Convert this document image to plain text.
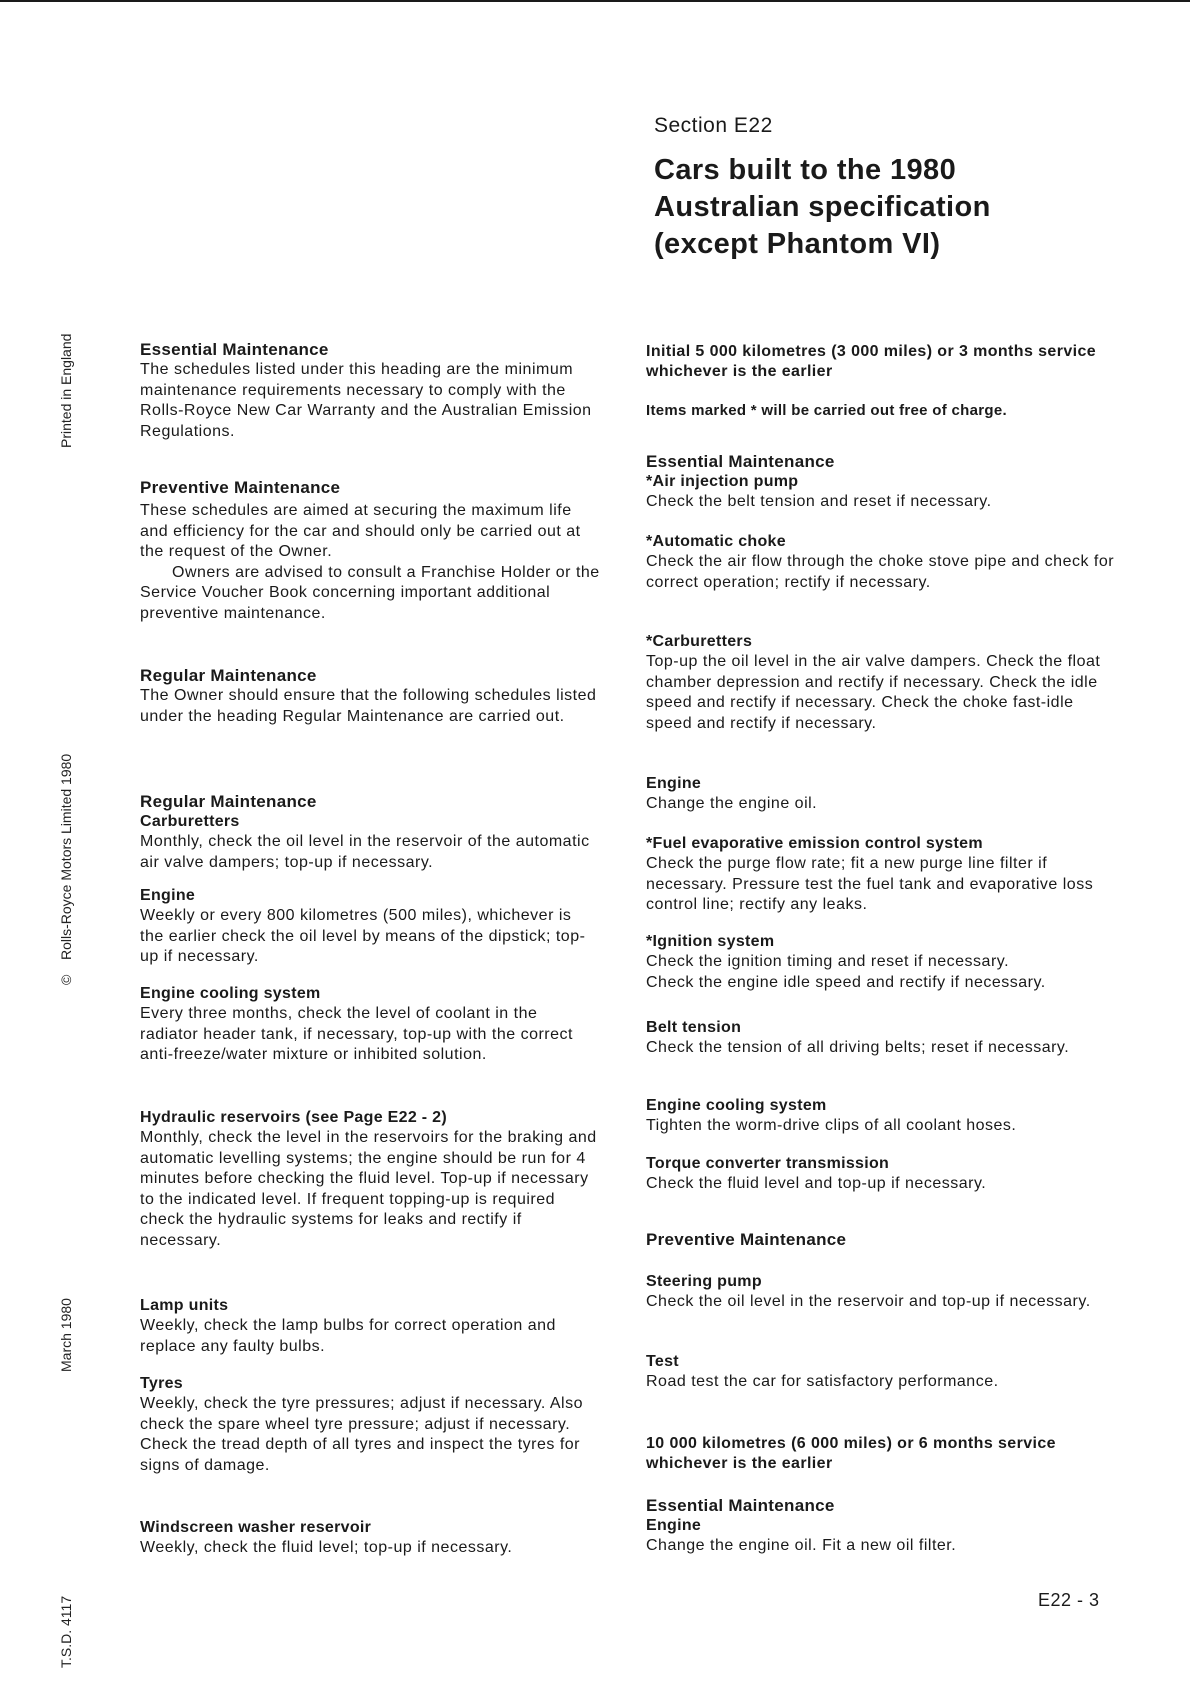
Printed in England
©
Rolls-Royce Motors Limited 1980
March 1980
T.S.D. 4117
Section E22
Cars built to the 1980
Australian specification
(except Phantom VI)
Essential Maintenance
The schedules listed under this heading are the minimum maintenance requirements necessary to comply with the Rolls-Royce New Car Warranty and the Australian Emission Regulations.
Preventive Maintenance
These schedules are aimed at securing the maximum life and efficiency for the car and should only be carried out at the request of the Owner.
Owners are advised to consult a Franchise Holder or the Service Voucher Book concerning important additional preventive maintenance.
Regular Maintenance
The Owner should ensure that the following schedules listed under the heading Regular Maintenance are carried out.
Regular Maintenance
Carburetters
Monthly, check the oil level in the reservoir of the automatic air valve dampers; top-up if necessary.
Engine
Weekly or every 800 kilometres (500 miles), whichever is the earlier check the oil level by means of the dipstick; top-up if necessary.
Engine cooling system
Every three months, check the level of coolant in the radiator header tank, if necessary, top-up with the correct anti-freeze/water mixture or inhibited solution.
Hydraulic reservoirs (see Page E22 - 2)
Monthly, check the level in the reservoirs for the braking and automatic levelling systems; the engine should be run for 4 minutes before checking the fluid level. Top-up if necessary to the indicated level. If frequent topping-up is required check the hydraulic systems for leaks and rectify if necessary.
Lamp units
Weekly, check the lamp bulbs for correct operation and replace any faulty bulbs.
Tyres
Weekly, check the tyre pressures; adjust if necessary. Also check the spare wheel tyre pressure; adjust if necessary. Check the tread depth of all tyres and inspect the tyres for signs of damage.
Windscreen washer reservoir
Weekly, check the fluid level; top-up if necessary.
Initial 5 000 kilometres (3 000 miles) or 3 months service whichever is the earlier
Items marked * will be carried out free of charge.
Essential Maintenance
*Air injection pump
Check the belt tension and reset if necessary.
*Automatic choke
Check the air flow through the choke stove pipe and check for correct operation; rectify if necessary.
*Carburetters
Top-up the oil level in the air valve dampers. Check the float chamber depression and rectify if necessary. Check the idle speed and rectify if necessary. Check the choke fast-idle speed and rectify if necessary.
Engine
Change the engine oil.
*Fuel evaporative emission control system
Check the purge flow rate; fit a new purge line filter if necessary. Pressure test the fuel tank and evaporative loss control line; rectify any leaks.
*Ignition system
Check the ignition timing and reset if necessary.
Check the engine idle speed and rectify if necessary.
Belt tension
Check the tension of all driving belts; reset if necessary.
Engine cooling system
Tighten the worm-drive clips of all coolant hoses.
Torque converter transmission
Check the fluid level and top-up if necessary.
Preventive Maintenance
Steering pump
Check the oil level in the reservoir and top-up if necessary.
Test
Road test the car for satisfactory performance.
10 000 kilometres (6 000 miles) or 6 months service whichever is the earlier
Essential Maintenance
Engine
Change the engine oil. Fit a new oil filter.
E22 - 3
